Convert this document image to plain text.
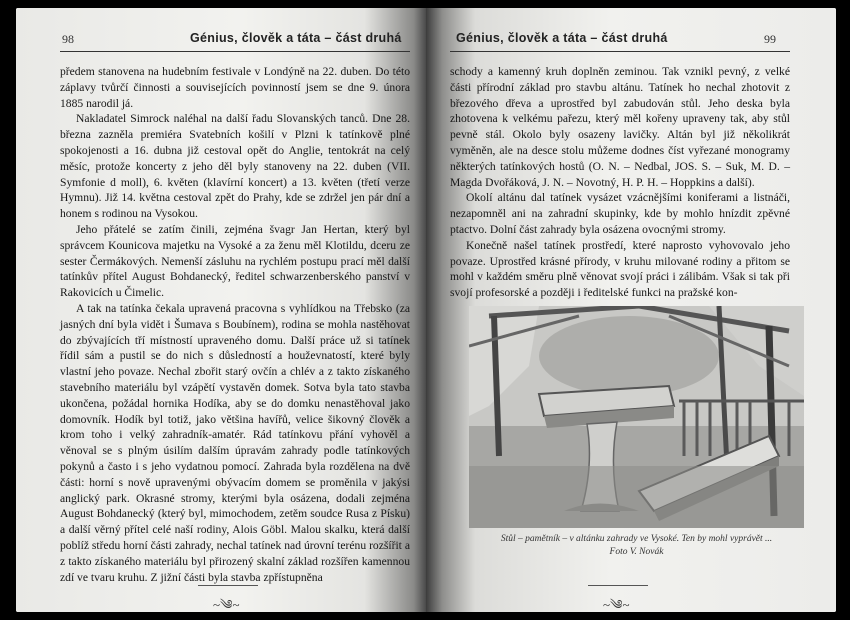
98	Génius, člověk a táta – část druhá

předem stanovena na hudebním festivale v Londýně na 22. duben. Do této záplavy tvůrčí činnosti a souvisejících povinností jsem se dne 9. února 1885 narodil já.

Nakladatel Simrock naléhal na další řadu Slovanských tanců. Dne 28. března zazněla premiéra Svatebních košilí v Plzni k tatínkově plné spokojenosti a 16. dubna již cestoval opět do Anglie, tentokrát na celý měsíc, protože koncerty z jeho děl byly stanoveny na 22. duben (VII. Symfonie d moll), 6. květen (klavírní koncert) a 13. květen (třetí verze Hymnu). Již 14. května cestoval zpět do Prahy, kde se zdržel jen pár dní a honem s rodinou na Vysokou.

Jeho přátelé se zatím činili, zejména švagr Jan Hertan, který byl správcem Kounicova majetku na Vysoké a za ženu měl Klotildu, dceru ze sester Čermákových. Nemenší zásluhu na rychlém postupu prací měl další tatínkův přítel August Bohdanecký, ředitel schwarzenberského panství v Rakovicích u Čimelic.

A tak na tatínka čekala upravená pracovna s vyhlídkou na Třebsko (za jasných dní byla vidět i Šumava s Boubínem), rodina se mohla nastěhovat do zbývajících tří místností upraveného domu. Další práce už si tatínek řídil sám a pustil se do nich s důsledností a houževnatostí, které byly vlastní jeho povaze. Nechal zbořit starý ovčín a chlév a z takto získaného stavebního materiálu byl vzápětí vystavěn domek. Sotva byla tato stavba ukončena, požádal hornika Hodíka, aby se do domku nenastěhoval jako domovník. Hodík byl totiž, jako většina havířů, velice šikovný člověk a krom toho i velký zahradník-amatér. Rád tatínkovu přání vyhověl a věnoval se s plným úsilím dalším úpravám zahrady podle tatínkových pokynů a často i s jeho vydatnou pomocí. Zahrada byla rozdělena na dvě části: horní s nově upravenými obývacím domem se proměnila v jakýsi anglický park. Okrasné stromy, kterými byla osázena, dodali zejména August Bohdanecký (který byl, mimochodem, zetěm soudce Rusa z Písku) a další věrný přítel celé naší rodiny, Alois Göbl. Malou skalku, která další poblíž středu horní části zahrady, nechal tatínek nad úrovní terénu rozšířit a z takto získaného materiálu byl přirozený skalní základ rozšířen kamennou zdí ve tvaru kruhu. Z jižní části byla stavba zpřístupněna

~༄~
Génius, člověk a táta – část druhá	99

schody a kamenný kruh doplněn zeminou. Tak vznikl pevný, z velké části přírodní základ pro stavbu altánu. Tatínek ho nechal zhotovit z březového dřeva a uprostřed byl zabudován stůl. Jeho deska byla zhotovena k velkému pařezu, který měl kořeny upraveny tak, aby stůl pevně stál. Okolo byly osazeny lavičky. Altán byl již několikrát vyměněn, ale na desce stolu můžeme dodnes číst vyřezané monogramy některých tatínkových hostů (O. N. – Nedbal, JOS. S. – Suk, M. D. – Magda Dvořáková, J. N. – Novotný, H. P. H. – Hoppkins a další).

Okolí altánu dal tatínek vysázet vzácnějšími koniferami a listnáči, nezapomněl ani na zahradní skupinky, kde by mohlo hnízdit zpěvné ptactvo. Dolní část zahrady byla osázena ovocnými stromy.

Konečně našel tatínek prostředí, které naprosto vyhovovalo jeho povaze. Uprostřed krásné přírody, v kruhu milované rodiny a přitom se mohl v každém směru plně věnovat svojí práci i zálibám. Však si tak při svojí profesorské a později i ředitelské funkci na pražské kon-

Stůl – pamětník – v altánku zahrady ve Vysoké. Ten by mohl vyprávět ...
Foto V. Novák
~༄~
